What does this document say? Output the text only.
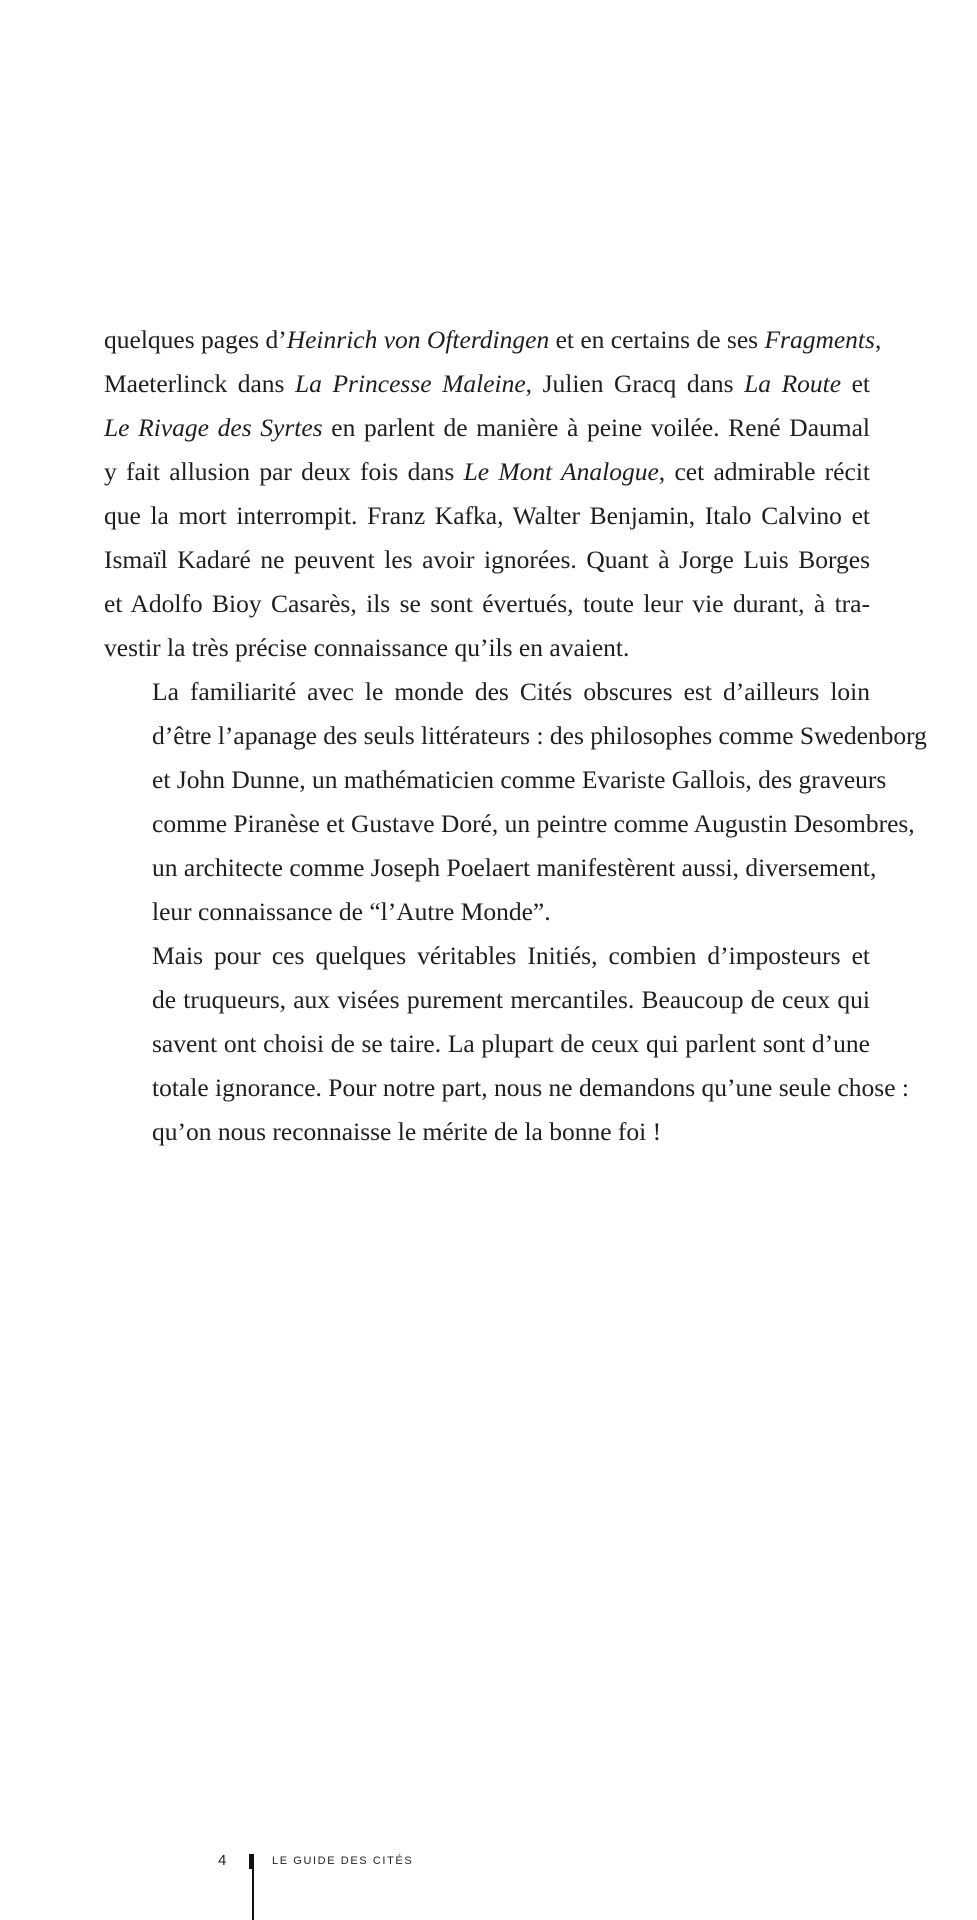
quelques pages d’Heinrich von Ofterdingen et en certains de ses Fragments,
Maeterlinck dans La Princesse Maleine, Julien Gracq dans La Route et
Le Rivage des Syrtes en parlent de manière à peine voilée. René Daumal
y fait allusion par deux fois dans Le Mont Analogue, cet admirable récit
que la mort interrompit. Franz Kafka, Walter Benjamin, Italo Calvino et
Ismaïl Kadaré ne peuvent les avoir ignorées. Quant à Jorge Luis Borges
et Adolfo Bioy Casarès, ils se sont évertués, toute leur vie durant, à tra-
vestir la très précise connaissance qu’ils en avaient.

La familiarité avec le monde des Cités obscures est d’ailleurs loin
d’être l’apanage des seuls littérateurs : des philosophes comme Swedenborg
et John Dunne, un mathématicien comme Evariste Gallois, des graveurs
comme Piranèse et Gustave Doré, un peintre comme Augustin Desombres,
un architecte comme Joseph Poelaert manifestèrent aussi, diversement,
leur connaissance de “l’Autre Monde”.

Mais pour ces quelques véritables Initiés, combien d’imposteurs et
de truqueurs, aux visées purement mercantiles. Beaucoup de ceux qui
savent ont choisi de se taire. La plupart de ceux qui parlent sont d’une
totale ignorance. Pour notre part, nous ne demandons qu’une seule chose :
qu’on nous reconnaisse le mérite de la bonne foi !

4	LE GUIDE DES CITÉS
